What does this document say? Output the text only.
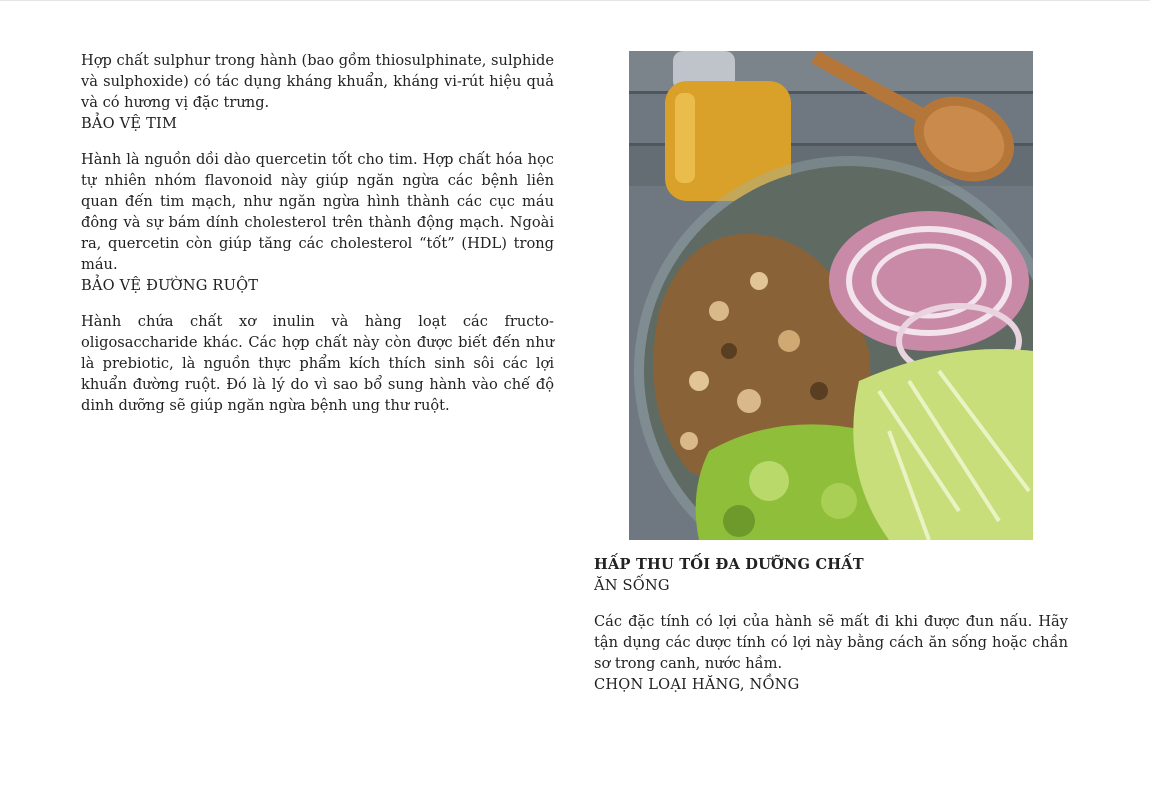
Hợp chất sulphur trong hành (bao gồm thiosulphinate, sulphide và sulphoxide) có tác dụng kháng khuẩn, kháng vi-rút hiệu quả và có hương vị đặc trưng.

BẢO VỆ TIM

Hành là nguồn dồi dào quercetin tốt cho tim. Hợp chất hóa học tự nhiên nhóm flavonoid này giúp ngăn ngừa các bệnh liên quan đến tim mạch, như ngăn ngừa hình thành các cục máu đông và sự bám dính cholesterol trên thành động mạch. Ngoài ra, quercetin còn giúp tăng các cholesterol “tốt” (HDL) trong máu.

BẢO VỆ ĐƯỜNG RUỘT

Hành chứa chất xơ inulin và hàng loạt các fructo-oligosaccharide khác. Các hợp chất này còn được biết đến như là prebiotic, là nguồn thực phẩm kích thích sinh sôi các lợi khuẩn đường ruột. Đó là lý do vì sao bổ sung hành vào chế độ dinh dưỡng sẽ giúp ngăn ngừa bệnh ung thư ruột.

HẤP THU TỐI ĐA DƯỠNG CHẤT

ĂN SỐNG

Các đặc tính có lợi của hành sẽ mất đi khi được đun nấu. Hãy tận dụng các dược tính có lợi này bằng cách ăn sống hoặc chần sơ trong canh, nước hầm.

CHỌN LOẠI HĂNG, NỒNG
